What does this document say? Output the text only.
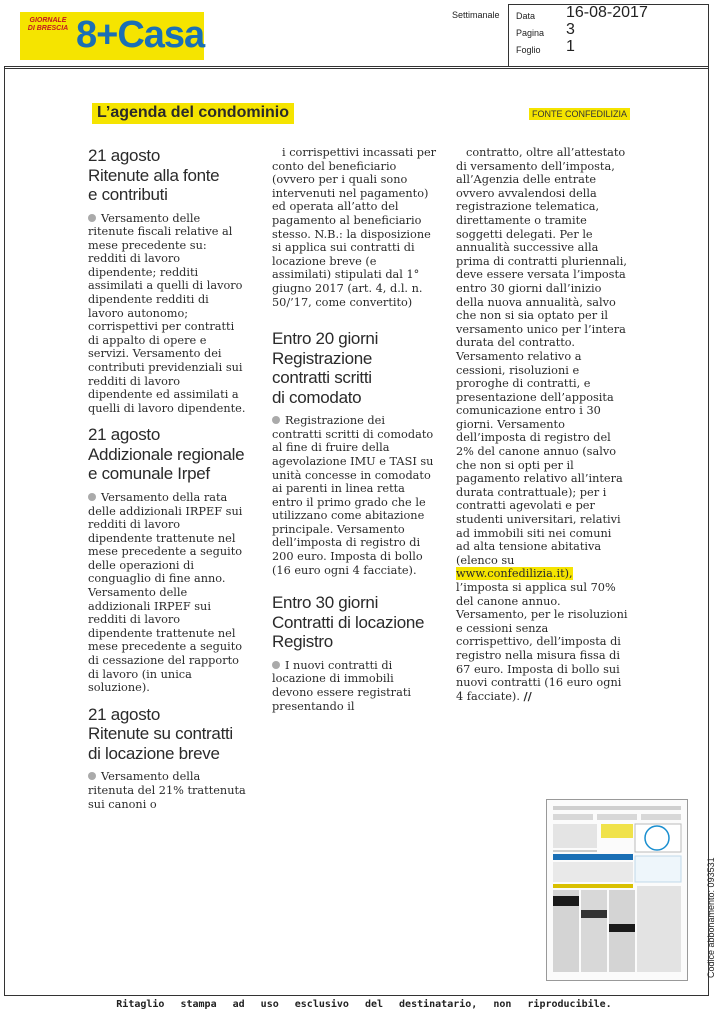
GIORNALE DI BRESCIA 8+Casa	Settimanale Data 16-08-2017
Pagina 3
Foglio 1
L’agenda del condominio	FONTE CONFEDILIZIA
21 agosto
Ritenute alla fonte
e contributi

Versamento delle ritenute fiscali relative al mese precedente su: redditi di lavoro dipendente; redditi assimilati a quelli di lavoro dipendente redditi di lavoro autonomo; corrispettivi per contratti di appalto di opere e servizi. Versamento dei contributi previdenziali sui redditi di lavoro dipendente ed assimilati a quelli di lavoro dipendente.

21 agosto
Addizionale regionale
e comunale Irpef

Versamento della rata delle addizionali IRPEF sui redditi di lavoro dipendente trattenute nel mese precedente a seguito delle operazioni di conguaglio di fine anno. Versamento delle addizionali IRPEF sui redditi di lavoro dipendente trattenute nel mese precedente a seguito di cessazione del rapporto di lavoro (in unica soluzione).

21 agosto
Ritenute su contratti
di locazione breve

Versamento della ritenuta del 21% trattenuta sui canoni o

i corrispettivi incassati per conto del beneficiario (ovvero per i quali sono intervenuti nel pagamento) ed operata all’atto del pagamento al beneficiario stesso. N.B.: la disposizione si applica sui contratti di locazione breve (e assimilati) stipulati dal 1° giugno 2017 (art. 4, d.l. n. 50/’17, come convertito)

Entro 20 giorni
Registrazione
contratti scritti
di comodato

Registrazione dei contratti scritti di comodato al fine di fruire della agevolazione IMU e TASI su unità concesse in comodato ai parenti in linea retta entro il primo grado che le utilizzano come abitazione principale. Versamento dell’imposta di registro di 200 euro. Imposta di bollo (16 euro ogni 4 facciate).

Entro 30 giorni
Contratti di locazione
Registro

I nuovi contratti di locazione di immobili devono essere registrati presentando il

contratto, oltre all’attestato di versamento dell’imposta, all’Agenzia delle entrate ovvero avvalendosi della registrazione telematica, direttamente o tramite soggetti delegati. Per le annualità successive alla prima di contratti pluriennali, deve essere versata l’imposta entro 30 giorni dall’inizio della nuova annualità, salvo che non si sia optato per il versamento unico per l’intera durata del contratto. Versamento relativo a cessioni, risoluzioni e proroghe di contratti, e presentazione dell’apposita comunicazione entro i 30 giorni. Versamento dell’imposta di registro del 2% del canone annuo (salvo che non si opti per il pagamento relativo all’intera durata contrattuale); per i contratti agevolati e per studenti universitari, relativi ad immobili siti nei comuni ad alta tensione abitativa (elenco su www.confedilizia.it), l’imposta si applica sul 70% del canone annuo. Versamento, per le risoluzioni e cessioni senza corrispettivo, dell’imposta di registro nella misura fissa di 67 euro. Imposta di bollo sui nuovi contratti (16 euro ogni 4 facciate). //

Codice abbonamento: 093531
Ritaglio stampa ad uso esclusivo del destinatario, non riproducibile.
